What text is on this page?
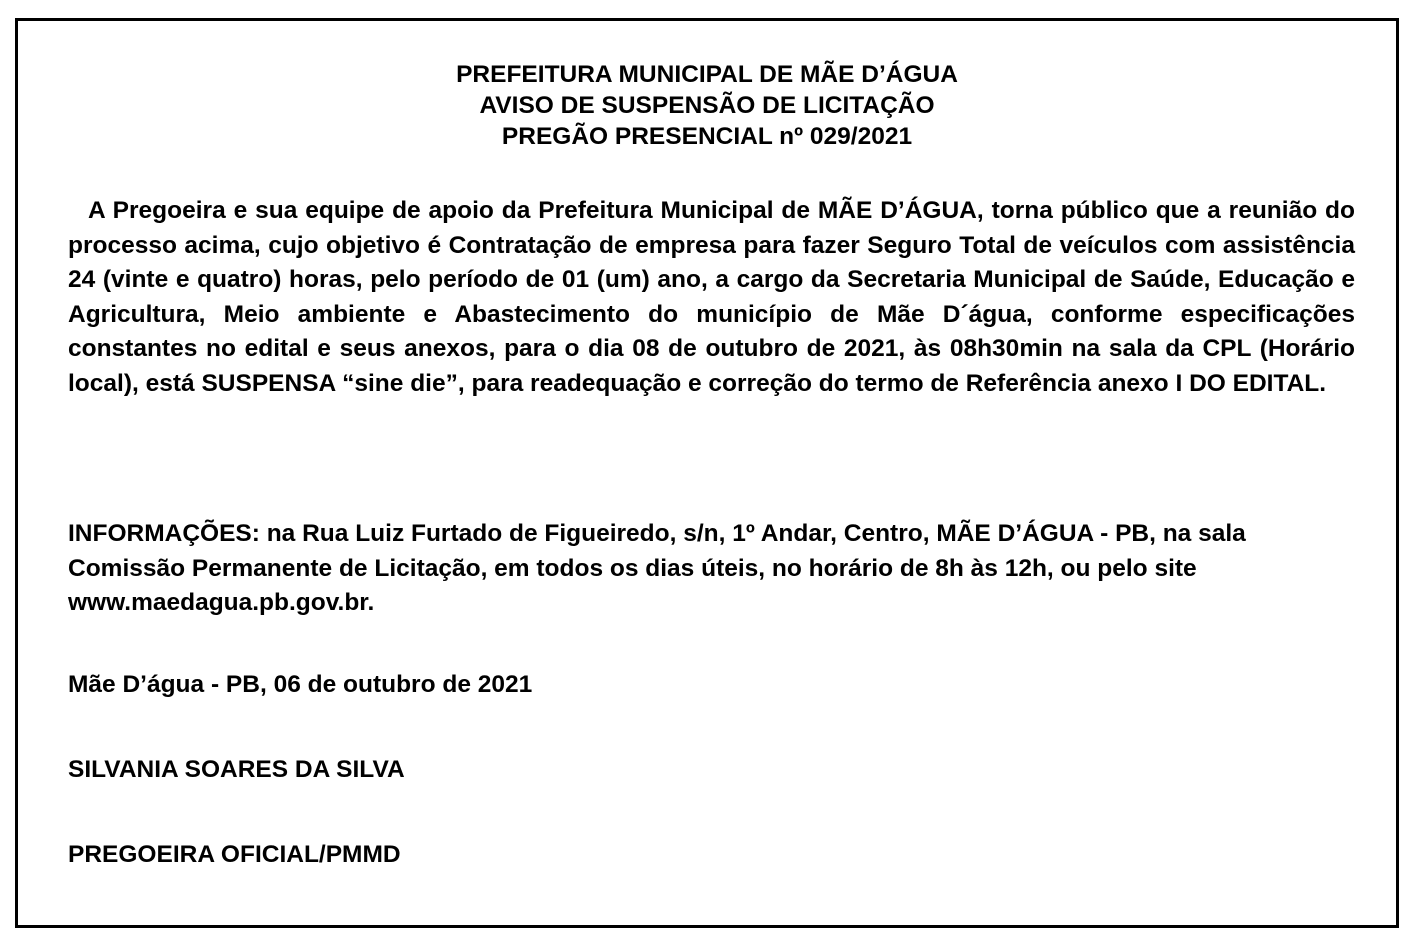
PREFEITURA MUNICIPAL DE MÃE D’ÁGUA
AVISO DE SUSPENSÃO DE LICITAÇÃO
PREGÃO PRESENCIAL nº 029/2021
A Pregoeira e sua equipe de apoio da Prefeitura Municipal de MÃE D’ÁGUA, torna público que a reunião do processo acima, cujo objetivo é Contratação de empresa para fazer Seguro Total de veículos com assistência 24 (vinte e quatro) horas, pelo período de 01 (um) ano, a cargo da Secretaria Municipal de Saúde, Educação e Agricultura, Meio ambiente e Abastecimento do município de Mãe D´água, conforme especificações constantes no edital e seus anexos, para o dia 08 de outubro de 2021, às 08h30min na sala da CPL (Horário local), está SUSPENSA “sine die”, para readequação e correção do termo de Referência anexo I DO EDITAL.
INFORMAÇÕES: na Rua Luiz Furtado de Figueiredo, s/n, 1º Andar, Centro, MÃE D’ÁGUA - PB, na sala Comissão Permanente de Licitação, em todos os dias úteis, no horário de 8h às 12h, ou pelo site www.maedagua.pb.gov.br.
Mãe D’água - PB, 06 de outubro de 2021
SILVANIA SOARES DA SILVA
PREGOEIRA OFICIAL/PMMD
